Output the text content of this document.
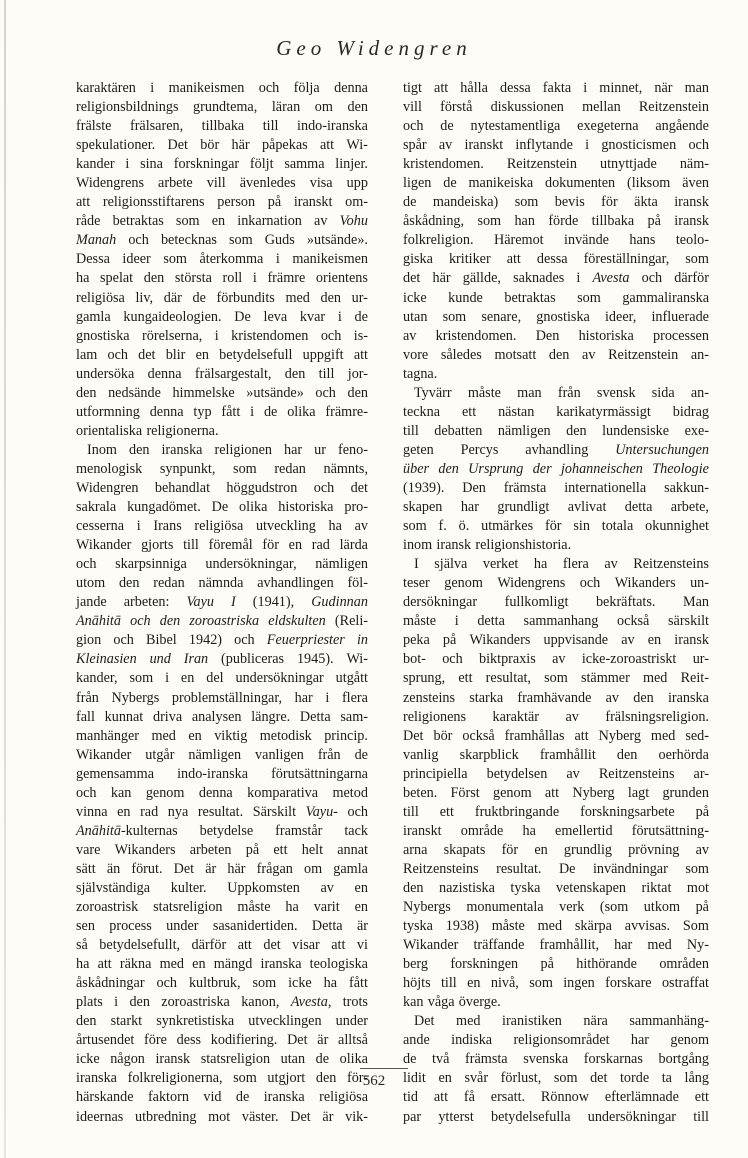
Geo Widengren
karaktären i manikeismen och följa denna
religionsbildnings grundtema, läran om den
frälste frälsaren, tillbaka till indo-iranska
spekulationer. Det bör här påpekas att Wi-
kander i sina forskningar följt samma linjer.
Widengrens arbete vill ävenledes visa upp
att religionsstiftarens person på iranskt om-
råde betraktas som en inkarnation av Vohu
Manah och betecknas som Guds »utsände».
Dessa ideer som återkomma i manikeismen
ha spelat den största roll i främre orientens
religiösa liv, där de förbundits med den ur-
gamla kungaideologien. De leva kvar i de
gnostiska rörelserna, i kristendomen och is-
lam och det blir en betydelsefull uppgift att
undersöka denna frälsargestalt, den till jor-
den nedsände himmelske »utsände» och den
utformning denna typ fått i de olika främre-
orientaliska religionerna.
Inom den iranska religionen har ur feno-
menologisk synpunkt, som redan nämnts,
Widengren behandlat höggudstron och det
sakrala kungadömet. De olika historiska pro-
cesserna i Irans religiösa utveckling ha av
Wikander gjorts till föremål för en rad lärda
och skarpsinniga undersökningar, nämligen
utom den redan nämnda avhandlingen föl-
jande arbeten: Vayu I (1941), Gudinnan
Anāhitā och den zoroastriska eldskulten (Reli-
gion och Bibel 1942) och Feuerpriester in
Kleinasien und Iran (publiceras 1945). Wi-
kander, som i en del undersökningar utgått
från Nybergs problemställningar, har i flera
fall kunnat driva analysen längre. Detta sam-
manhänger med en viktig metodisk princip.
Wikander utgår nämligen vanligen från de
gemensamma indo-iranska förutsättningarna
och kan genom denna komparativa metod
vinna en rad nya resultat. Särskilt Vayu- och
Anāhitā-kulternas betydelse framstår tack
vare Wikanders arbeten på ett helt annat
sätt än förut. Det är här frågan om gamla
självständiga kulter. Uppkomsten av en
zoroastrisk statsreligion måste ha varit en
sen process under sasanidertiden. Detta är
så betydelsefullt, därför att det visar att vi
ha att räkna med en mängd iranska teologiska
åskådningar och kultbruk, som icke ha fått
plats i den zoroastriska kanon, Avesta, trots
den starkt synkretistiska utvecklingen under
årtusendet före dess kodifiering. Det är alltså
icke någon iransk statsreligion utan de olika
iranska folkreligionerna, som utgjort den för-
härskande faktorn vid de iranska religiösa
ideernas utbredning mot väster. Det är vik-
tigt att hålla dessa fakta i minnet, när man
vill förstå diskussionen mellan Reitzenstein
och de nytestamentliga exegeterna angående
spår av iranskt inflytande i gnosticismen och
kristendomen. Reitzenstein utnyttjade näm-
ligen de manikeiska dokumenten (liksom även
de mandeiska) som bevis för äkta iransk
åskådning, som han förde tillbaka på iransk
folkreligion. Häremot invände hans teolo-
giska kritiker att dessa föreställningar, som
det här gällde, saknades i Avesta och därför
icke kunde betraktas som gammaliranska
utan som senare, gnostiska ideer, influerade
av kristendomen. Den historiska processen
vore således motsatt den av Reitzenstein an-
tagna.
Tyvärr måste man från svensk sida an-
teckna ett nästan karikatyrmässigt bidrag
till debatten nämligen den lundensiske exe-
geten Percys avhandling Untersuchungen
über den Ursprung der johanneischen Theologie
(1939). Den främsta internationella sakkun-
skapen har grundligt avlivat detta arbete,
som f. ö. utmärkes för sin totala okunnighet
inom iransk religionshistoria.
I själva verket ha flera av Reitzensteins
teser genom Widengrens och Wikanders un-
dersökningar fullkomligt bekräftats. Man
måste i detta sammanhang också särskilt
peka på Wikanders uppvisande av en iransk
bot- och biktpraxis av icke-zoroastriskt ur-
sprung, ett resultat, som stämmer med Reit-
zensteins starka framhävande av den iranska
religionens karaktär av frälsningsreligion.
Det bör också framhållas att Nyberg med sed-
vanlig skarpblick framhållit den oerhörda
principiella betydelsen av Reitzensteins ar-
beten. Först genom att Nyberg lagt grunden
till ett fruktbringande forskningsarbete på
iranskt område ha emellertid förutsättning-
arna skapats för en grundlig prövning av
Reitzensteins resultat. De invändningar som
den nazistiska tyska vetenskapen riktat mot
Nybergs monumentala verk (som utkom på
tyska 1938) måste med skärpa avvisas. Som
Wikander träffande framhållit, har med Ny-
berg forskningen på hithörande områden
höjts till en nivå, som ingen forskare ostraffat
kan våga överge.
Det med iranistiken nära sammanhäng-
ande indiska religionsområdet har genom
de två främsta svenska forskarnas bortgång
lidit en svår förlust, som det torde ta lång
tid att få ersatt. Rönnow efterlämnade ett
par ytterst betydelsefulla undersökningar till
562
